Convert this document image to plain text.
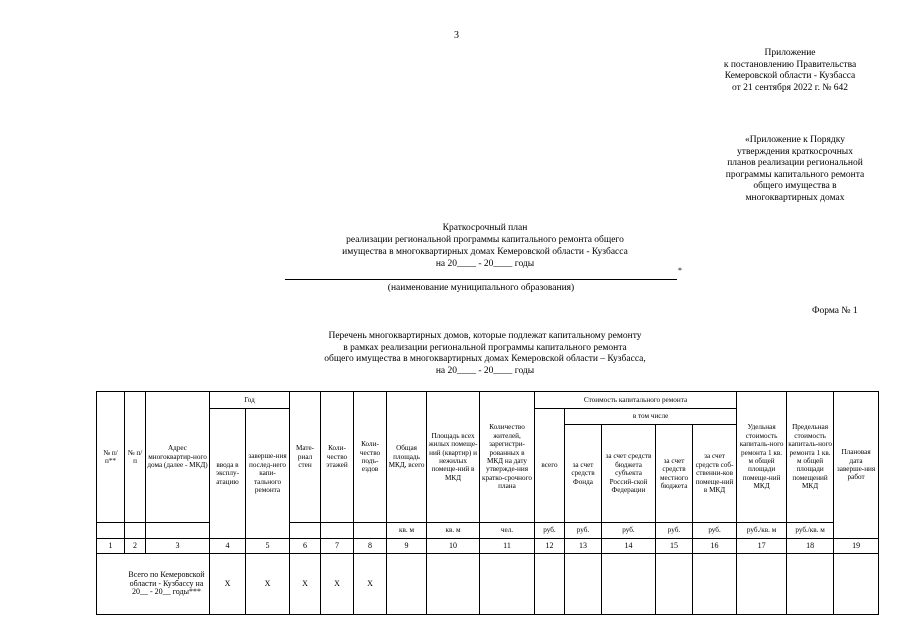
3
Приложение
к постановлению Правительства
Кемеровской области - Кузбасса
от 21 сентября 2022 г. № 642
«Приложение к Порядку
утверждения краткосрочных
планов реализации региональной
программы капитального ремонта
общего имущества в
многоквартирных домах
Краткосрочный план
реализации региональной программы капитального ремонта общего
имущества в многоквартирных домах Кемеровской области - Кузбасса
на 20____ - 20____ годы
*
(наименование муниципального образования)
Форма № 1
Перечень многоквартирных домов, которые подлежат капитальному ремонту
в рамках реализации региональной программы капитального ремонта
общего имущества в многоквартирных домах Кемеровской области – Кузбасса,
на 20____ - 20____ годы
№ п/п**	№ п/п	Адрес многоквартир-ного дома (далее - МКД)	Год		Мате-риал стен	Коли-чество этажей	Коли-чество подъ-ездов	Общая площадь МКД, всего	Площадь всех жилых помеще-ний (квартир) и нежилых помеще-ний в МКД	Количество жителей, зарегистри-рованных в МКД на дату утвержде-ния кратко-срочного плана	Стоимость капитального ремонта					Удельная стоимость капиталь-ного ремонта 1 кв. м общей площади помеще-ний МКД	Предельная стоимость капиталь-ного ремонта 1 кв. м общей площади помещений МКД	Плановая дата заверше-ния работ
			ввода в эксплу-атацию	заверше-ния послед-него капи-тального ремонта							всего	в том числе						
												за счет средств Фонда	за счет средств бюджета субъекта Россий-ской Федерации	за счет средств местного бюджета	за счет средств соб-ственни-ков помеще-ний в МКД			
								кв. м	кв. м	чел.	руб.	руб.	руб.	руб.	руб.	руб./кв. м	руб./кв. м	
1	2	3	4	5	6	7	8	9	10	11	12	13	14	15	16	17	18	19
Всего по Кемеровской области - Кузбассу на 20__ - 20__ годы***			Х	Х	Х	Х	Х											
